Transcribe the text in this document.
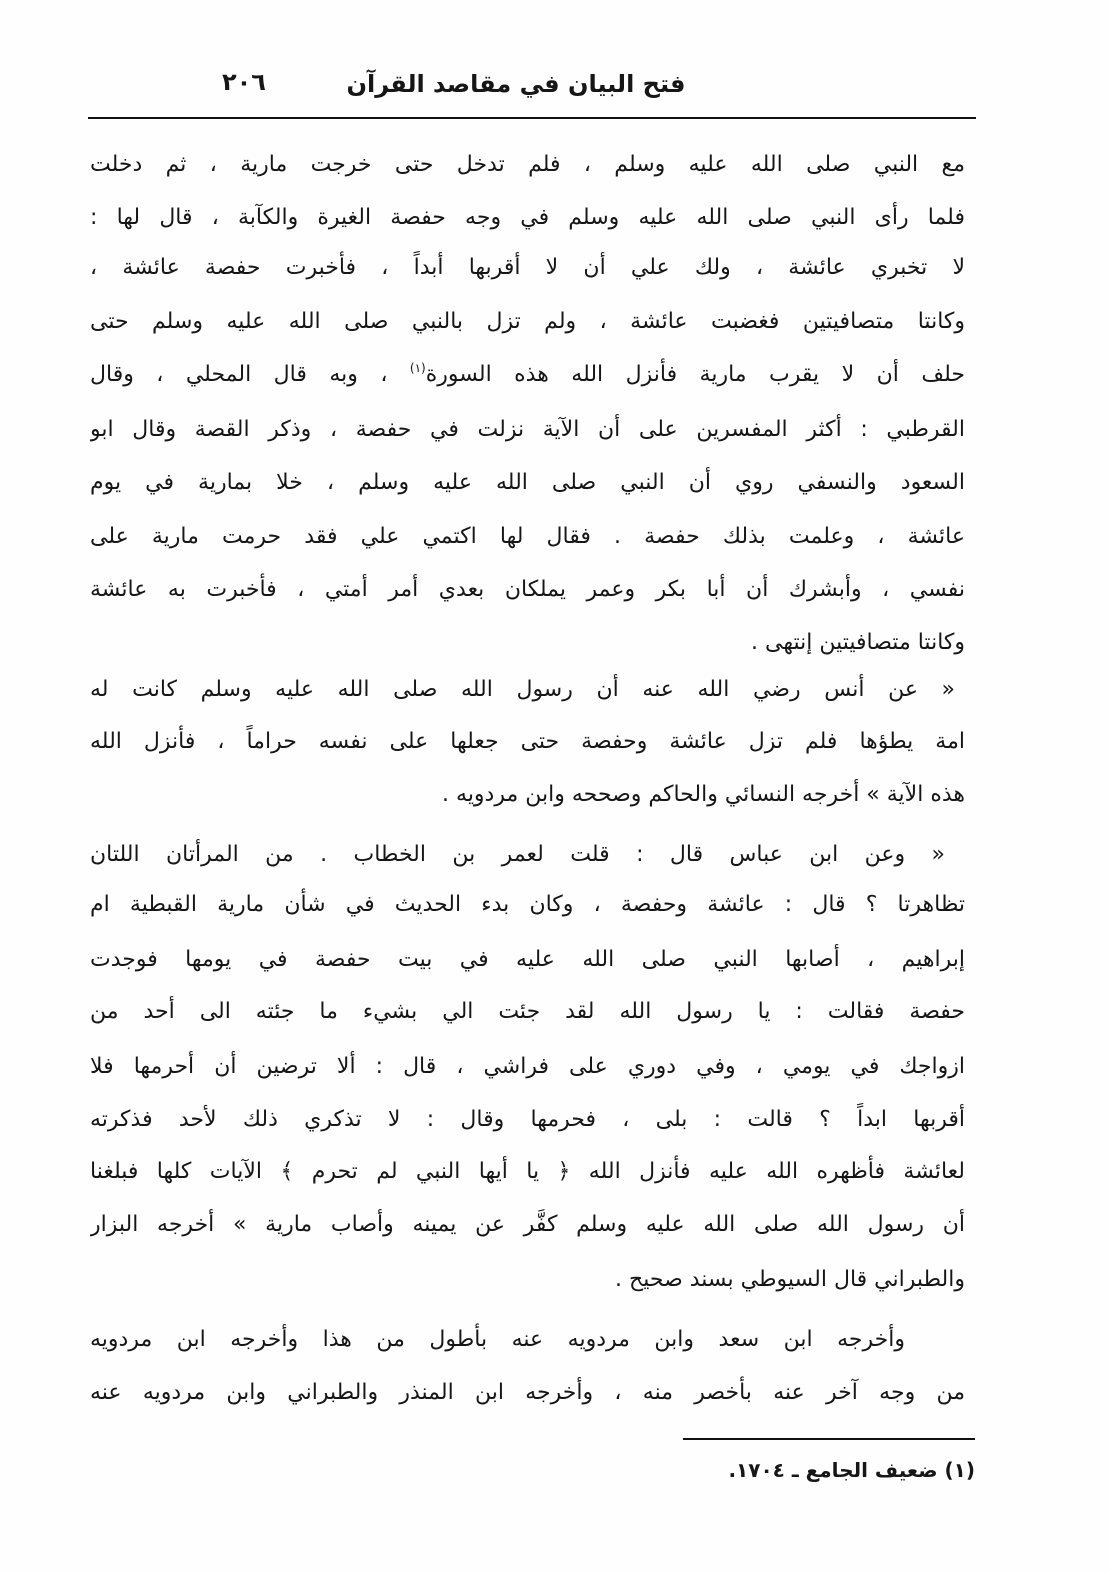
٢٠٦	فتح البيان في مقاصد القرآن
مع النبي صلى الله عليه وسلم ، فلم تدخل حتى خرجت مارية ، ثم دخلت
فلما رأى النبي صلى الله عليه وسلم في وجه حفصة الغيرة والكآبة ، قال لها :
لا تخبري عائشة ، ولك علي أن لا أقربها أبداً ، فأخبرت حفصة عائشة ،
وكانتا متصافيتين فغضبت عائشة ، ولم تزل بالنبي صلى الله عليه وسلم حتى
حلف أن لا يقرب مارية فأنزل الله هذه السورة$^{(١)}$ ، وبه قال المحلي ، وقال
القرطبي : أكثر المفسرين على أن الآية نزلت في حفصة ، وذكر القصة وقال ابو
السعود والنسفي روي أن النبي صلى الله عليه وسلم ، خلا بمارية في يوم
عائشة ، وعلمت بذلك حفصة . فقال لها اكتمي علي فقد حرمت مارية على
نفسي ، وأبشرك أن أبا بكر وعمر يملكان بعدي أمر أمتي ، فأخبرت به عائشة
وكانتا متصافيتين إنتهى .
« عن أنس رضي الله عنه أن رسول الله صلى الله عليه وسلم كانت له
امة يطؤها فلم تزل عائشة وحفصة حتى جعلها على نفسه حراماً ، فأنزل الله
هذه الآية » أخرجه النسائي والحاكم وصححه وابن مردويه .
« وعن ابن عباس قال : قلت لعمر بن الخطاب . من المرأتان اللتان
تظاهرتا ؟ قال : عائشة وحفصة ، وكان بدء الحديث في شأن مارية القبطية ام
إبراهيم ، أصابها النبي صلى الله عليه في بيت حفصة في يومها فوجدت
حفصة فقالت : يا رسول الله لقد جئت الي بشيء ما جئته الى أحد من
ازواجك في يومي ، وفي دوري على فراشي ، قال : ألا ترضين أن أحرمها فلا
أقربها ابداً ؟ قالت : بلى ، فحرمها وقال : لا تذكري ذلك لأحد فذكرته
لعائشة فأظهره الله عليه فأنزل الله ﴿ يا أيها النبي لم تحرم ﴾ الآيات كلها فبلغنا
أن رسول الله صلى الله عليه وسلم كفَّر عن يمينه وأصاب مارية » أخرجه البزار
والطبراني قال السيوطي بسند صحيح .
وأخرجه ابن سعد وابن مردويه عنه بأطول من هذا وأخرجه ابن مردويه
من وجه آخر عنه بأخصر منه ، وأخرجه ابن المنذر والطبراني وابن مردويه عنه
(١) ضعيف الجامع ـ ١٧٠٤.
